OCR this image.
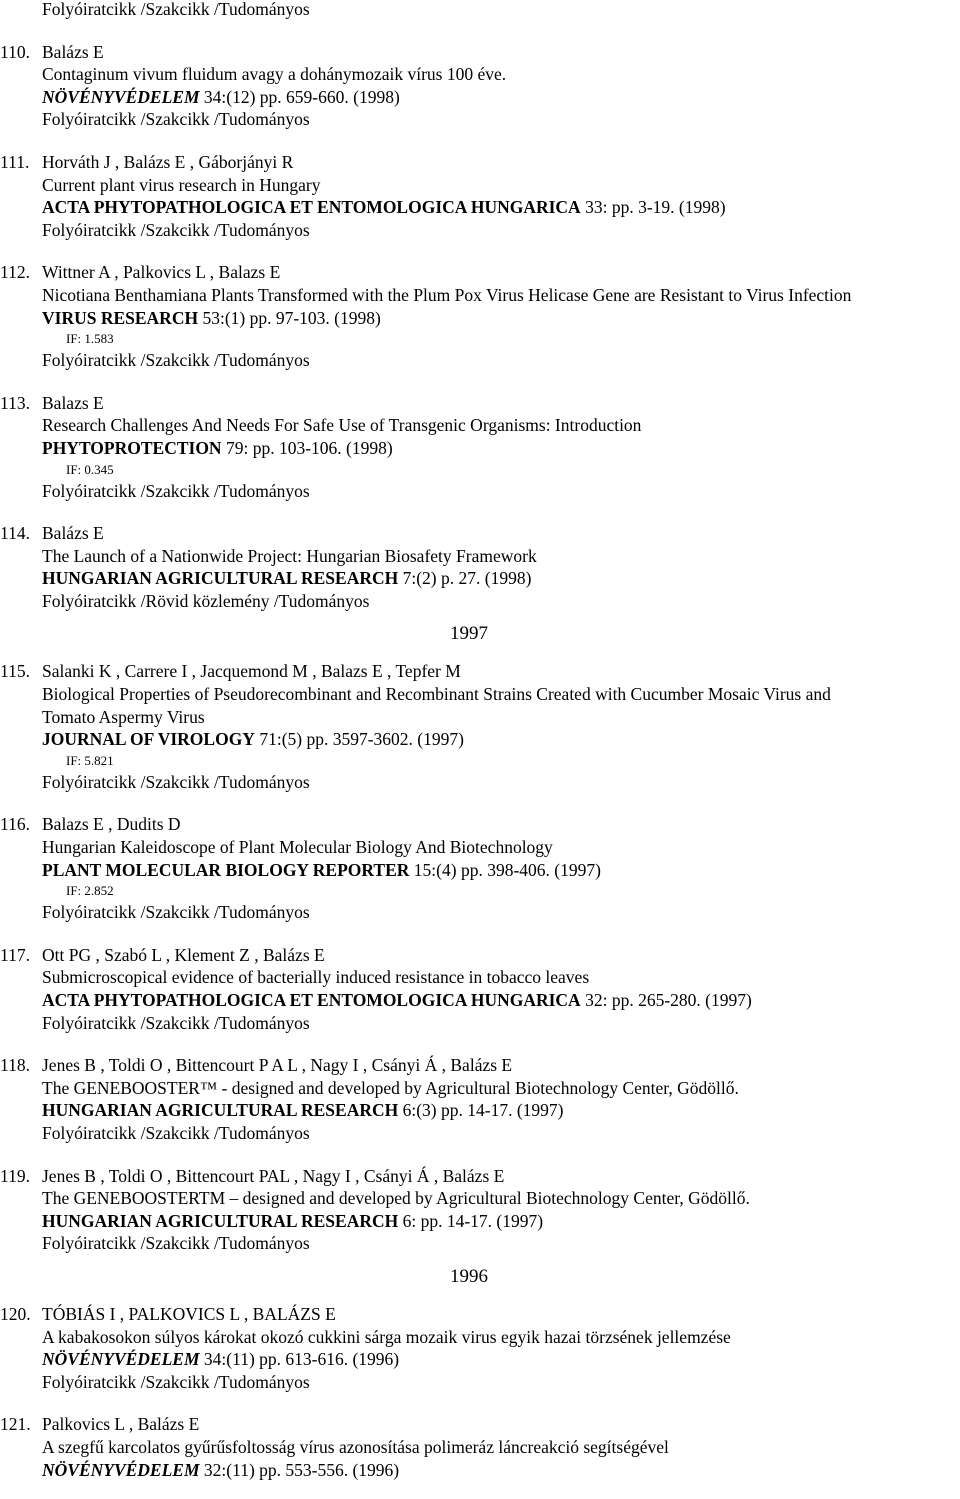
Folyóiratcikk /Szakcikk /Tudományos
110. Balázs E
Contaginum vivum fluidum avagy a dohánymozaik vírus 100 éve.
NÖVÉNYVÉDELEM 34:(12) pp. 659-660. (1998)
Folyóiratcikk /Szakcikk /Tudományos
111. Horváth J , Balázs E , Gáborjányi R
Current plant virus research in Hungary
ACTA PHYTOPATHOLOGICA ET ENTOMOLOGICA HUNGARICA 33: pp. 3-19. (1998)
Folyóiratcikk /Szakcikk /Tudományos
112. Wittner A , Palkovics L , Balazs E
Nicotiana Benthamiana Plants Transformed with the Plum Pox Virus Helicase Gene are Resistant to Virus Infection
VIRUS RESEARCH 53:(1) pp. 97-103. (1998)
IF: 1.583
Folyóiratcikk /Szakcikk /Tudományos
113. Balazs E
Research Challenges And Needs For Safe Use of Transgenic Organisms: Introduction
PHYTOPROTECTION 79: pp. 103-106. (1998)
IF: 0.345
Folyóiratcikk /Szakcikk /Tudományos
114. Balázs E
The Launch of a Nationwide Project: Hungarian Biosafety Framework
HUNGARIAN AGRICULTURAL RESEARCH 7:(2) p. 27. (1998)
Folyóiratcikk /Rövid közlemény /Tudományos
1997
115. Salanki K , Carrere I , Jacquemond M , Balazs E , Tepfer M
Biological Properties of Pseudorecombinant and Recombinant Strains Created with Cucumber Mosaic Virus and
Tomato Aspermy Virus
JOURNAL OF VIROLOGY 71:(5) pp. 3597-3602. (1997)
IF: 5.821
Folyóiratcikk /Szakcikk /Tudományos
116. Balazs E , Dudits D
Hungarian Kaleidoscope of Plant Molecular Biology And Biotechnology
PLANT MOLECULAR BIOLOGY REPORTER 15:(4) pp. 398-406. (1997)
IF: 2.852
Folyóiratcikk /Szakcikk /Tudományos
117. Ott PG , Szabó L , Klement Z , Balázs E
Submicroscopical evidence of bacterially induced resistance in tobacco leaves
ACTA PHYTOPATHOLOGICA ET ENTOMOLOGICA HUNGARICA 32: pp. 265-280. (1997)
Folyóiratcikk /Szakcikk /Tudományos
118. Jenes B , Toldi O , Bittencourt P A L , Nagy I , Csányi Á , Balázs E
The GENEBOOSTER™ - designed and developed by Agricultural Biotechnology Center, Gödöllő.
HUNGARIAN AGRICULTURAL RESEARCH 6:(3) pp. 14-17. (1997)
Folyóiratcikk /Szakcikk /Tudományos
119. Jenes B , Toldi O , Bittencourt PAL , Nagy I , Csányi Á , Balázs E
The GENEBOOSTERTM – designed and developed by Agricultural Biotechnology Center, Gödöllő.
HUNGARIAN AGRICULTURAL RESEARCH 6: pp. 14-17. (1997)
Folyóiratcikk /Szakcikk /Tudományos
1996
120. TÓBIÁS I , PALKOVICS L , BALÁZS E
A kabakosokon súlyos károkat okozó cukkini sárga mozaik virus egyik hazai törzsének jellemzése
NÖVÉNYVÉDELEM 34:(11) pp. 613-616. (1996)
Folyóiratcikk /Szakcikk /Tudományos
121. Palkovics L , Balázs E
A szegfű karcolatos gyűrűsfoltosság vírus azonosítása polimeráz láncreakció segítségével
NÖVÉNYVÉDELEM 32:(11) pp. 553-556. (1996)
